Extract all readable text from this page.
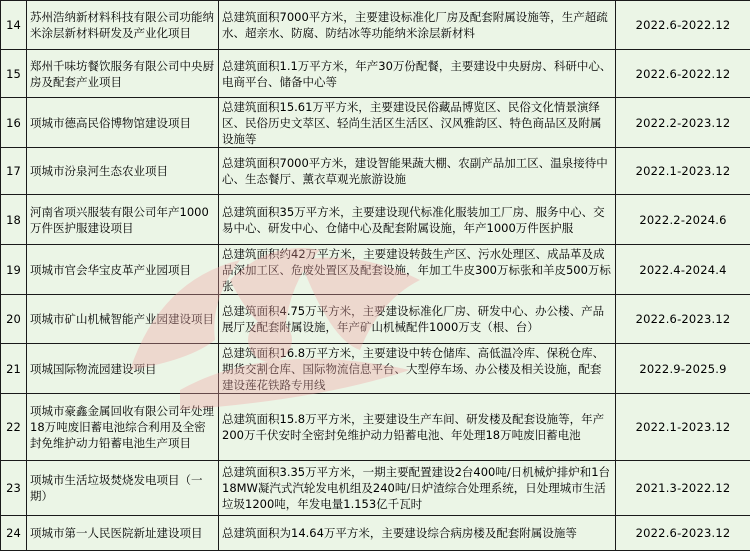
14	苏州浩纳新材料科技有限公司功能纳米涂层新材料研发及产业化项目	总建筑面积7000平方米，主要建设标准化厂房及配套附属设施等，生产超疏水、超亲水、防腐、防结冰等功能纳米涂层新材料	2022.6-2022.12
15	郑州千味坊餐饮服务有限公司中央厨房及配套产业项目	总建筑面积1.1万平方米，年产30万份配餐，主要建设中央厨房、科研中心、电商平台、储备中心等	2022.6-2022.12
16	项城市德高民俗博物馆建设项目	总建筑面积15.61万平方米，主要建设民俗藏品博览区、民俗文化情景演绎区、民俗历史文萃区、轻尚生活区生活区、汉风雅韵区、特色商品区及附属设施等	2022.2-2023.12
17	项城市汾泉河生态农业项目	总建筑面积7000平方米，建设智能果蔬大棚、农副产品加工区、温泉接待中心、生态餐厅、薰衣草观光旅游设施	2022.1-2023.12
18	河南省项兴服装有限公司年产1000万件医护服建设项目	总建筑面积35万平方米，主要建设现代标准化服装加工厂房、服务中心、交易中心、研发中心、仓储中心及配套附属设施，年产1000万件医护服	2022.2-2024.6
19	项城市官会华宝皮革产业园项目	总建筑面积约42万平方米，主要建设转鼓生产区、污水处理区、成品革及成品深加工区、危废处置区及配套设施，年加工牛皮300万标张和羊皮500万标张	2022.4-2024.4
20	项城市矿山机械智能产业园建设项目	总建筑面积4.75万平方米，主要建设标准化厂房、研发中心、办公楼、产品展厅及配套附属设施，年产矿山机械配件1000万支（根、台）	2022.6-2023.12
21	项城国际物流园建设项目	总建筑面积16.8万平方米，主要建设中转仓储库、高低温冷库、保税仓库、期货交割仓库、国际物流信息平台、大型停车场、办公楼及相关设施，配套建设莲花铁路专用线	2022.9-2025.9
22	项城市豪鑫金属回收有限公司年处理18万吨废旧蓄电池综合利用及全密封免维护动力铅蓄电池生产项目	总建筑面积15.8万平方米，主要建设生产车间、研发楼及配套设施等，年产200万千伏安时全密封免维护动力铅蓄电池、年处理18万吨废旧蓄电池	2022.1-2023.12
23	项城市生活垃圾焚烧发电项目（一期）	总建筑面积3.35万平方米，一期主要配置建设2台400吨/日机械炉排炉和1台18MW凝汽式汽轮发电机组及240吨/日炉渣综合处理系统，日处理城市生活垃圾1200吨，年发电量1.153亿千瓦时	2021.3-2022.12
24	项城市第一人民医院新址建设项目	总建筑面积为14.64万平方米，主要建设综合病房楼及配套附属设施等	2022.6-2023.12
